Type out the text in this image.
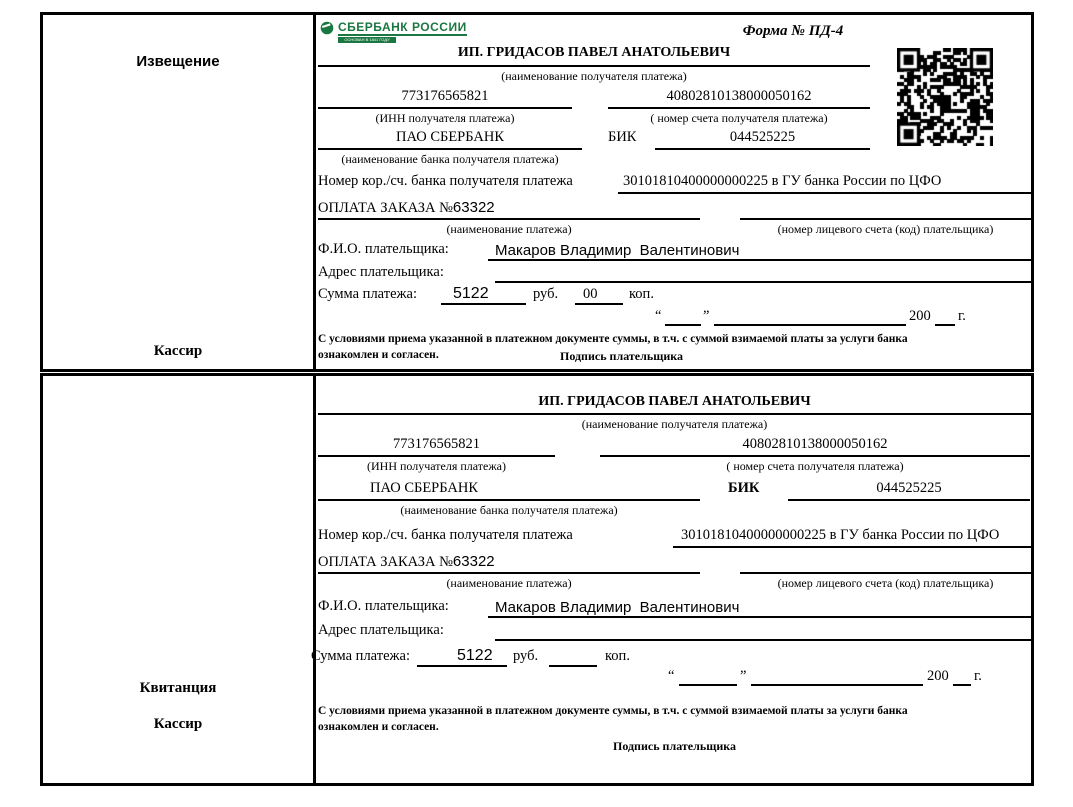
Извещение
Кассир
СБЕРБАНК РОССИИ
ОСНОВАН В 1841 ГОДУ
Форма № ПД-4
ИП. ГРИДАСОВ ПАВЕЛ АНАТОЛЬЕВИЧ
(наименование получателя платежа)
773176565821	40802810138000050162
(ИНН получателя платежа)	( номер счета получателя платежа)
ПАО СБЕРБАНК	БИК	044525225
(наименование банка получателя платежа)
Номер кор./сч. банка получателя платежа	30101810400000000225 в ГУ банка России по ЦФО
ОПЛАТА ЗАКАЗА №63322
(наименование платежа)	(номер лицевого счета (код) плательщика)
Ф.И.О. плательщика:	Макаров Владимир  Валентинович
Адрес плательщика:
Сумма платежа: 5122	руб. 00 коп.
“	”	200 г.
С условиями приема указанной в платежном документе суммы, в т.ч. с суммой взимаемой платы за услуги банка
ознакомлен и согласен.	Подпись плательщика
Квитанция
Кассир
ИП. ГРИДАСОВ ПАВЕЛ АНАТОЛЬЕВИЧ
(наименование получателя платежа)
773176565821	40802810138000050162
(ИНН получателя платежа)	( номер счета получателя платежа)
ПАО СБЕРБАНК	БИК	044525225
(наименование банка получателя платежа)
Номер кор./сч. банка получателя платежа	30101810400000000225 в ГУ банка России по ЦФО
ОПЛАТА ЗАКАЗА №63322
(наименование платежа)	(номер лицевого счета (код) плательщика)
Ф.И.О. плательщика:	Макаров Владимир  Валентинович
Адрес плательщика:
Сумма платежа:	5122 руб.	коп.
“	”	200 г.
С условиями приема указанной в платежном документе суммы, в т.ч. с суммой взимаемой платы за услуги банка
ознакомлен и согласен.
Подпись плательщика
